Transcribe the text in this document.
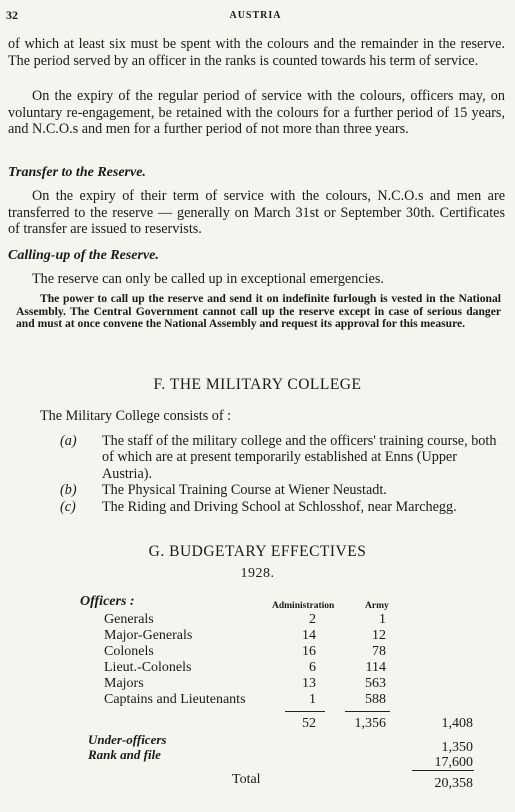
32	AUSTRIA
of which at least six must be spent with the colours and the remainder in the reserve. The period served by an officer in the ranks is counted towards his term of service.
On the expiry of the regular period of service with the colours, officers may, on voluntary re-engagement, be retained with the colours for a further period of 15 years, and N.C.O.s and men for a further period of not more than three years.
Transfer to the Reserve.
On the expiry of their term of service with the colours, N.C.O.s and men are transferred to the reserve — generally on March 31st or September 30th. Certificates of transfer are issued to reservists.
Calling-up of the Reserve.
The reserve can only be called up in exceptional emergencies.
The power to call up the reserve and send it on indefinite furlough is vested in the National Assembly. The Central Government cannot call up the reserve except in case of serious danger and must at once convene the National Assembly and request its approval for this measure.
F. THE MILITARY COLLEGE
The Military College consists of :
(a) The staff of the military college and the officers' training course, both of which are at present temporarily established at Enns (Upper Austria).
(b) The Physical Training Course at Wiener Neustadt.
(c) The Riding and Driving School at Schlosshof, near Marchegg.
G. BUDGETARY EFFECTIVES
1928.
Officers :	Administration	Army
Generals	2	1
Major-Generals	14	12
Colonels	16	78
Lieut.-Colonels	6	114
Majors	13	563
Captains and Lieutenants	1	588
52	1,356	1,408
Under-officers
1,350
Rank and file
17,600
Total	20,358
